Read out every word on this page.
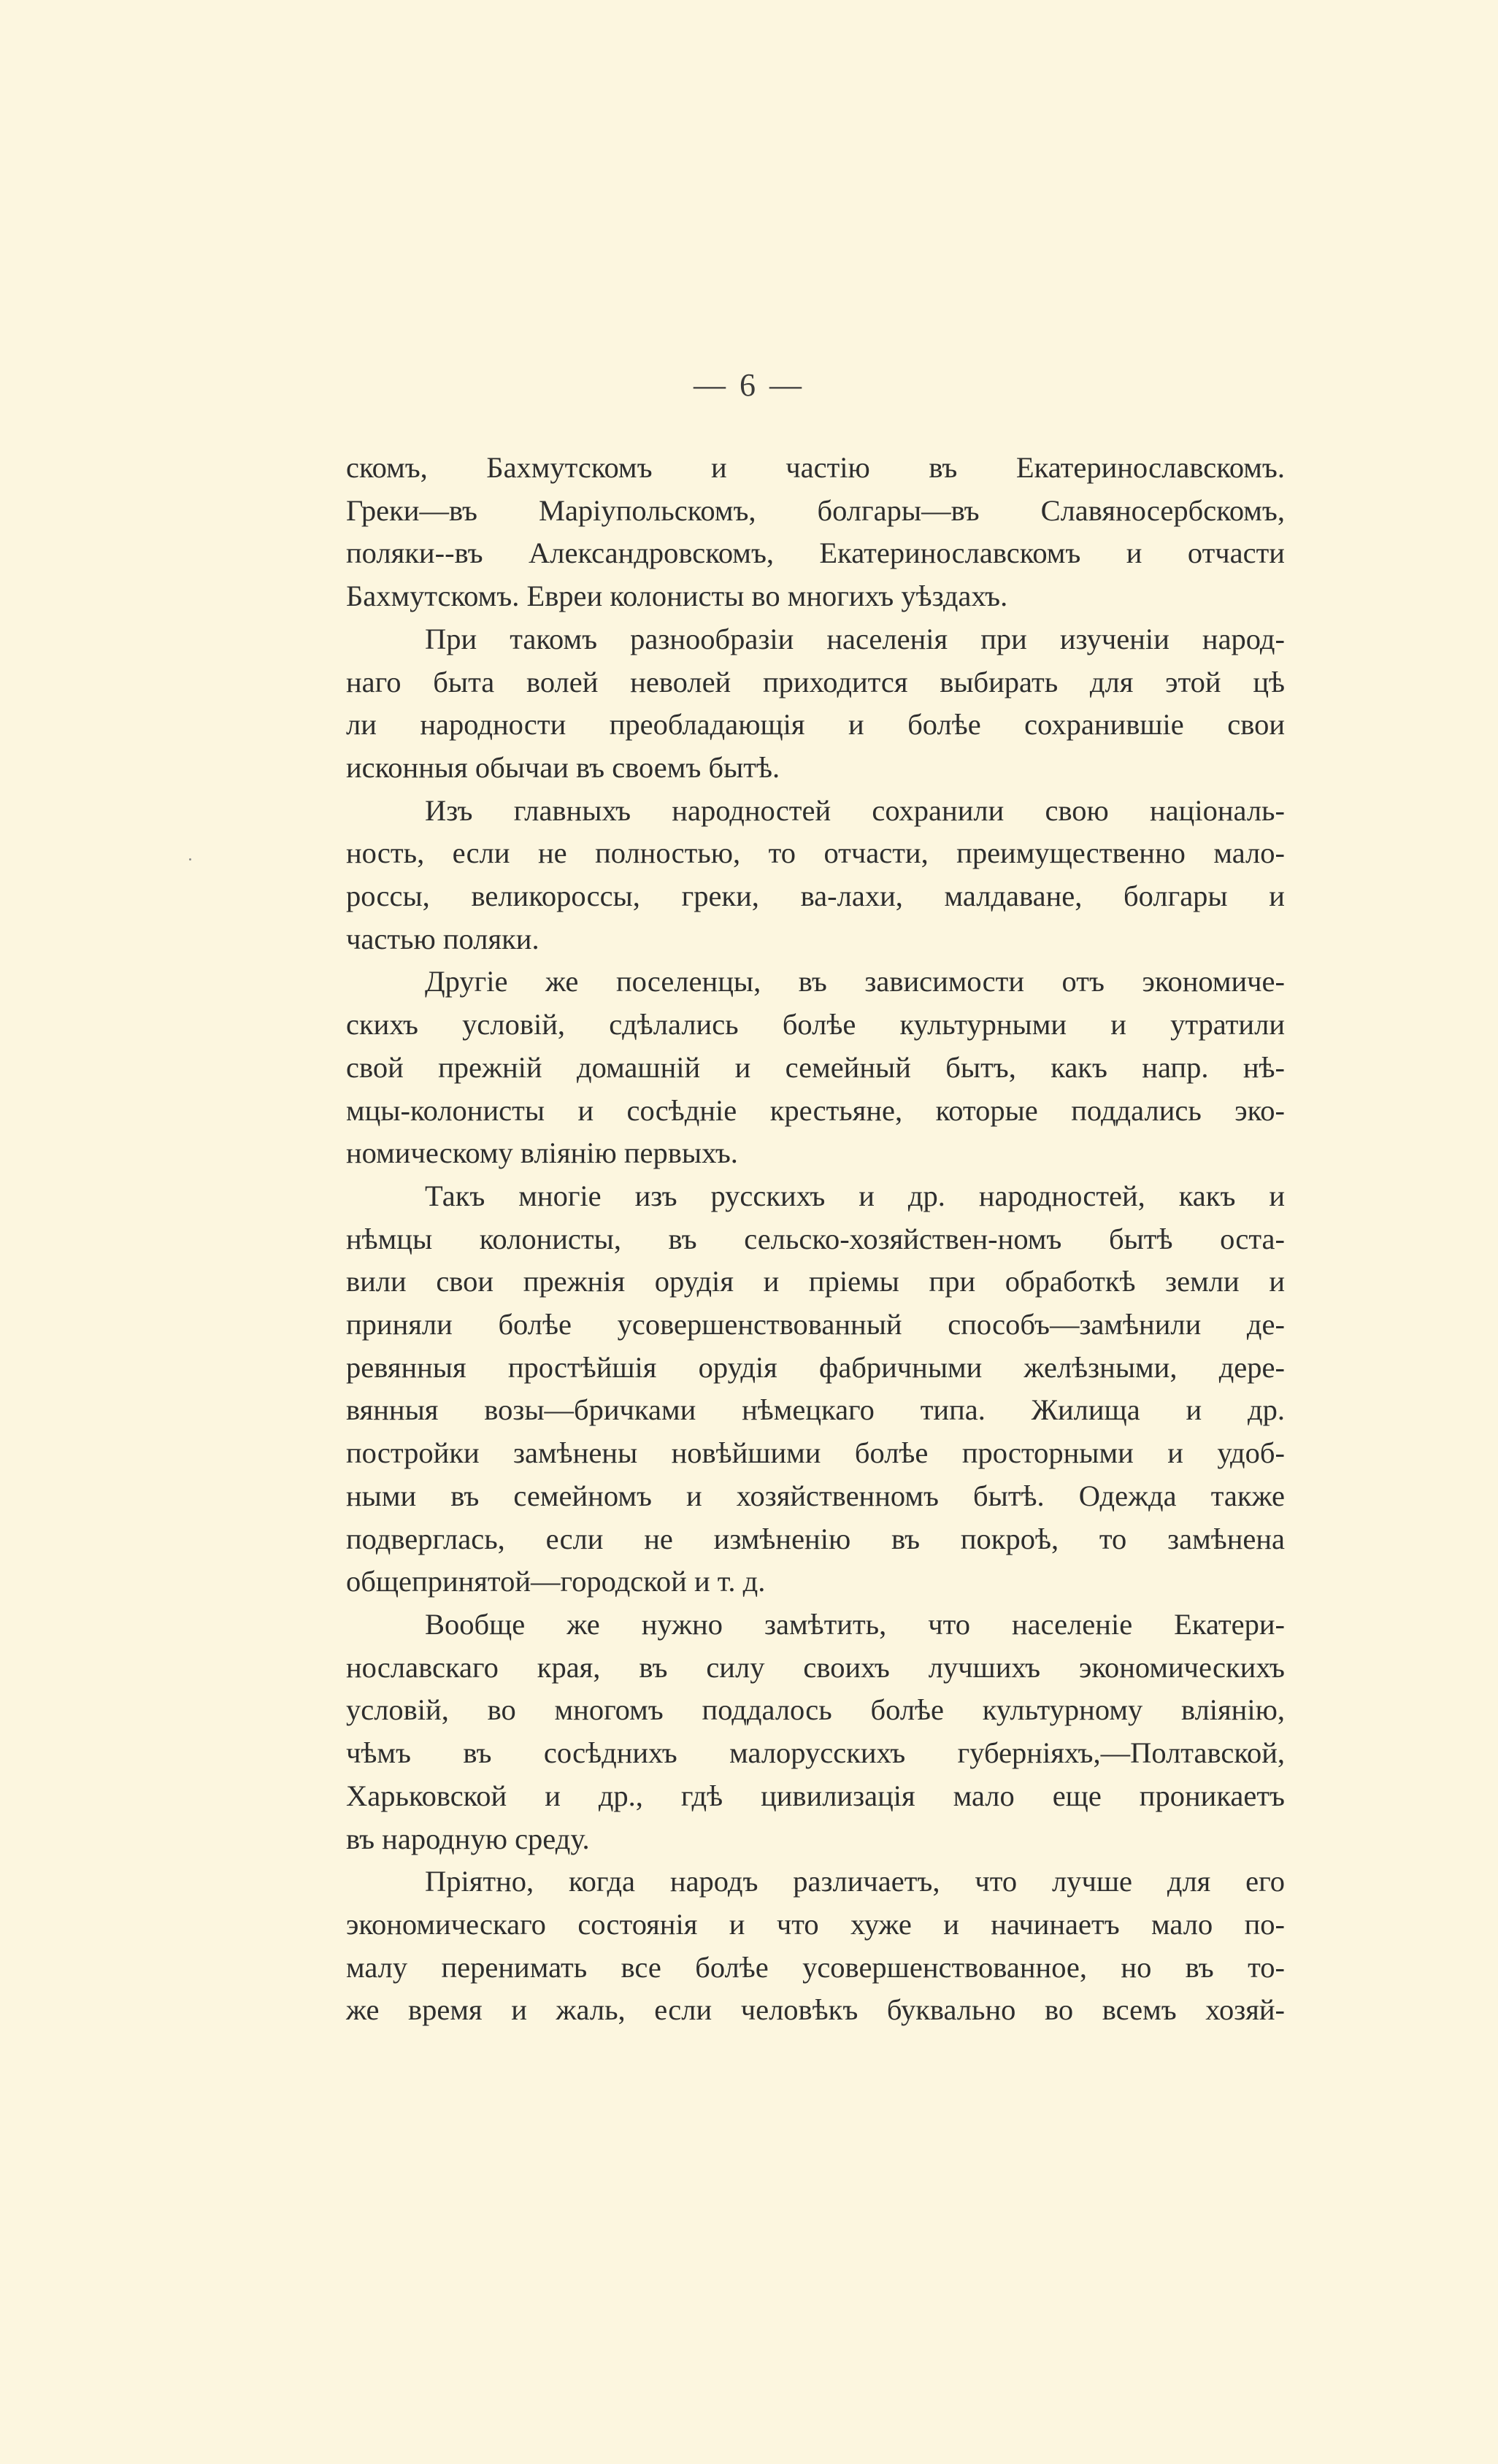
— 6 —
скомъ, Бахмутскомъ и частію въ Екатеринославскомъ.
Греки—въ Маріупольскомъ, болгары—въ Славяносербскомъ,
поляки--въ Александровскомъ, Екатеринославскомъ и отчасти
Бахмутскомъ. Евреи колонисты во многихъ уѣздахъ.
При такомъ разнообразіи населенія при изученіи народ-
наго быта волей неволей приходится выбирать для этой цѣ
ли народности преобладающія и болѣе сохранившіе свои
исконныя обычаи въ своемъ бытѣ.
Изъ главныхъ народностей сохранили свою національ-
ность, если не полностью, то отчасти, преимущественно мало-
россы, великороссы, греки, ва-лахи, малдаване, болгары и
частью поляки.
Другіе же поселенцы, въ зависимости отъ экономиче-
скихъ условій, сдѣлались болѣе культурными и утратили
свой прежній домашній и семейный бытъ, какъ напр. нѣ-
мцы-колонисты и сосѣдніе крестьяне, которые поддались эко-
номическому вліянію первыхъ.
Такъ многіе изъ русскихъ и др. народностей, какъ и
нѣмцы колонисты, въ сельско-хозяйствен-номъ бытѣ оста-
вили свои прежнія орудія и пріемы при обработкѣ земли и
приняли болѣе усовершенствованный способъ—замѣнили де-
ревянныя простѣйшія орудія фабричными желѣзными, дере-
вянныя возы—бричками нѣмецкаго типа. Жилища и др.
постройки замѣнены новѣйшими болѣе просторными и удоб-
ными въ семейномъ и хозяйственномъ бытѣ. Одежда также
подверглась, если не измѣненію въ покроѣ, то замѣнена
общепринятой—городской и т. д.
Вообще же нужно замѣтить, что населеніе Екатери-
нославскаго края, въ силу своихъ лучшихъ экономическихъ
условій, во многомъ поддалось болѣе культурному вліянію,
чѣмъ въ сосѣднихъ малорусскихъ губерніяхъ,—Полтавской,
Харьковской и др., гдѣ цивилизація мало еще проникаетъ
въ народную среду.
Пріятно, когда народъ различаетъ, что лучше для его
экономическаго состоянія и что хуже и начинаетъ мало по-
малу перенимать все болѣе усовершенствованное, но въ то-
же время и жаль, если человѣкъ буквально во всемъ хозяй-
